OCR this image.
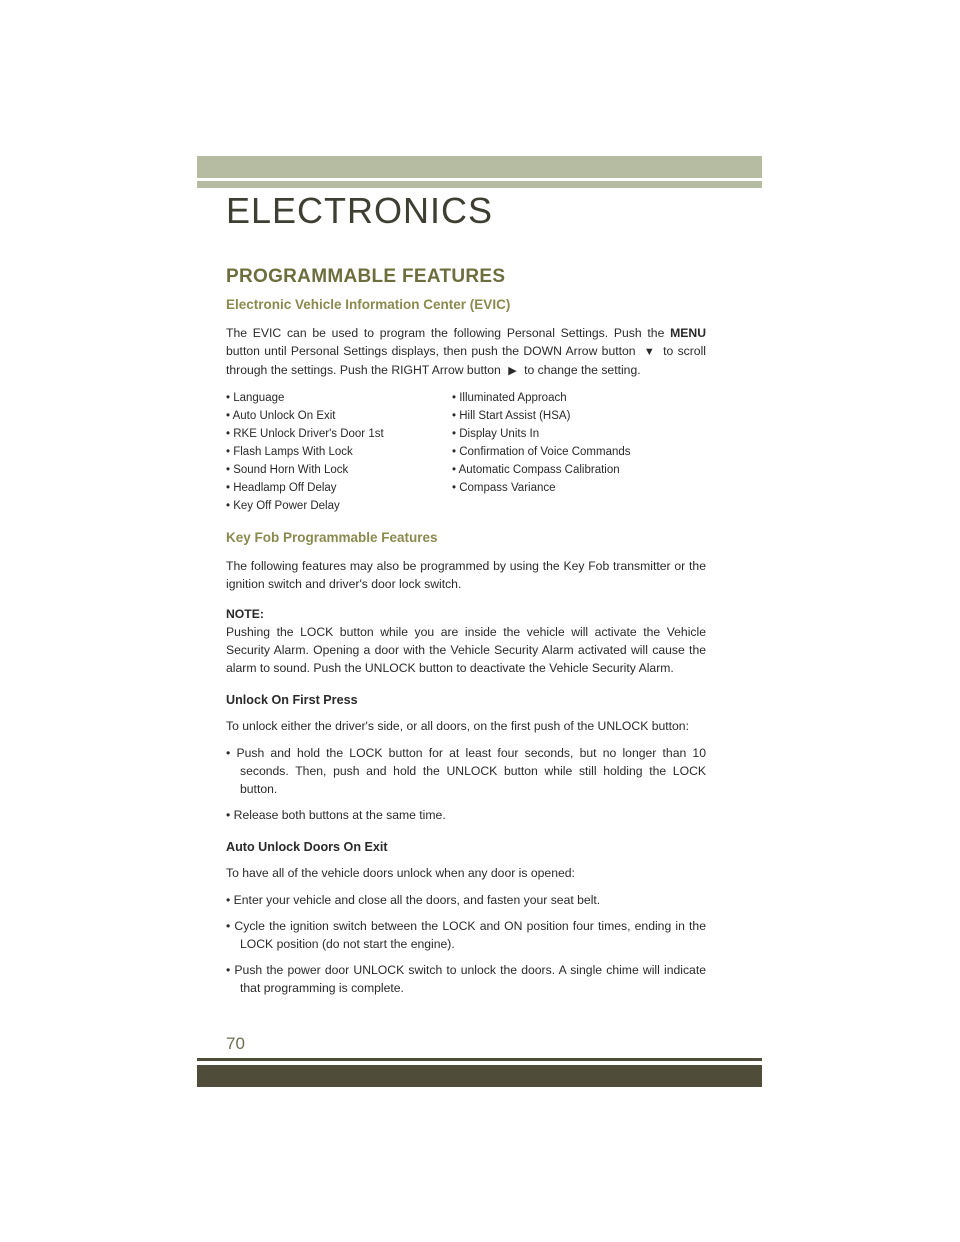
ELECTRONICS
PROGRAMMABLE FEATURES
Electronic Vehicle Information Center (EVIC)

The EVIC can be used to program the following Personal Settings. Push the MENU button until Personal Settings displays, then push the DOWN Arrow button ▼ to scroll through the settings. Push the RIGHT Arrow button ▶ to change the setting.

• Language
• Auto Unlock On Exit
• RKE Unlock Driver's Door 1st
• Flash Lamps With Lock
• Sound Horn With Lock
• Headlamp Off Delay
• Key Off Power Delay
• Illuminated Approach
• Hill Start Assist (HSA)
• Display Units In
• Confirmation of Voice Commands
• Automatic Compass Calibration
• Compass Variance
Key Fob Programmable Features

The following features may also be programmed by using the Key Fob transmitter or the ignition switch and driver's door lock switch.

NOTE:

Pushing the LOCK button while you are inside the vehicle will activate the Vehicle Security Alarm. Opening a door with the Vehicle Security Alarm activated will cause the alarm to sound. Push the UNLOCK button to deactivate the Vehicle Security Alarm.

Unlock On First Press

To unlock either the driver's side, or all doors, on the first push of the UNLOCK button:

• Push and hold the LOCK button for at least four seconds, but no longer than 10 seconds. Then, push and hold the UNLOCK button while still holding the LOCK button.
• Release both buttons at the same time.
Auto Unlock Doors On Exit

To have all of the vehicle doors unlock when any door is opened:

• Enter your vehicle and close all the doors, and fasten your seat belt.
• Cycle the ignition switch between the LOCK and ON position four times, ending in the LOCK position (do not start the engine).
• Push the power door UNLOCK switch to unlock the doors. A single chime will indicate that programming is complete.

70
